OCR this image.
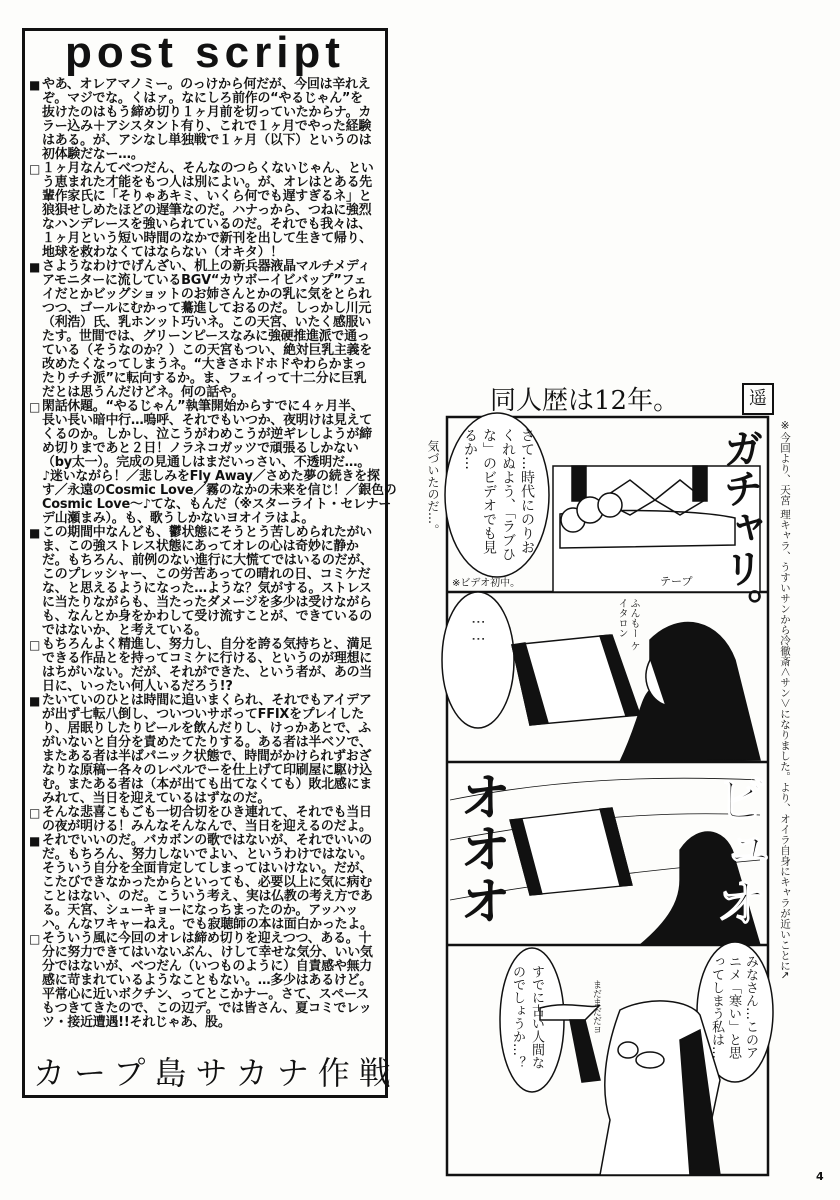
post script
■ やあ、オレアマノミー。のっけから何だが、今回は辛れえ
ぞ。マジでな。くはァ。なにしろ前作の“やるじゃん”を
抜けたのはもう締め切り１ヶ月前を切っていたからナ。カ
ラー込み＋アシスタント有り、これで１ヶ月でやった経験
はある。が、アシなし単独戦で１ヶ月（以下）というのは
初体験だなー…。
□ １ヶ月なんてべつだん、そんなのつらくないじゃん、とい
う恵まれた才能をもつ人は別によい。が、オレはとある先
輩作家氏に「そりゃあキミ、いくら何でも遅すぎるネ」と
狼狽せしめたほどの遅筆なのだ。ハナっから、つねに強烈
なハンデレースを強いられているのだ。それでも我々は、
１ヶ月という短い時間のなかで新刊を出して生きて帰り、
地球を救わなくてはならない（オキタ）！
■ さようなわけでげんざい、机上の新兵器液晶マルチメディ
アモニターに流しているBGV“カウボーイビバップ”フェ
イだとかビッグショットのお姉さんとかの乳に気をとられ
つつ、ゴールにむかって驀進しておるのだ。しっかし川元
（利浩）氏、乳ホンット巧いネ。この天宮、いたく感服い
たす。世間では、グリーンピースなみに強硬推進派で通っ
ている（そうなのか？）この天宮もつい、絶対巨乳主義を
改めたくなってしまうネ。“大きさホドホドやわらかまっ
たりチチ派”に転向するか。ま、フェイって十二分に巨乳
だとは思うんだけどネ。何の話や。
□ 閑話休題。“やるじゃん”執筆開始からすでに４ヶ月半、
長い長い暗中行…嗚呼、それでもいつか、夜明けは見えて
くるのか。しかし、泣こうがわめこうが逆ギレしようが締
め切りまであと２日！ノラネコガッツで頑張るしかない
（by太一）。完成の見通しはまだいっさい、不透明だ…。
♪迷いながら！／悲しみをFly Away／さめた夢の続きを探
す／永遠のCosmic Love／霧のなかの未来を信じ！／銀色の
Cosmic Love～♪てな、もんだ（※スターライト・セレナー
デ山瀬まみ）。も、歌うしかないヨオイラはよ。
■ この期間中なんども、鬱状態にそうとう苦しめられたがい
ま、この強ストレス状態にあってオレの心は奇妙に静か
だ。もちろん、前例のない進行に大慌てではいるのだが、
このプレッシャー、この労苦あっての晴れの日、コミケだ
な、と思えるようになった…ような？気がする。ストレス
に当たりながらも、当たったダメージを多少は受けながら
も、なんとか身をかわして受け流すことが、できているの
ではないか、と考えている。
□ もちろんよく精進し、努力し、自分を誇る気持ちと、満足
できる作品とを持ってコミケに行ける、というのが理想に
はちがいない。だが、それができた、という者が、あの当
日に、いったい何人いるだろう!?
■ たいていのひとは時間に追いまくられ、それでもアイデア
が出ず七転八倒し、ついついサボってFFⅨをプレイした
り、居眠りしたりビールを飲んだりし、けっかあとで、ふ
がいないと自分を責めたてたりする。ある者は半ベソで、
またある者は半ばパニック状態で、時間がかけられずおざ
なりな原稿ー各々のレベルでーを仕上げて印刷屋に駆け込
む。またある者は（本が出ても出てなくても）敗北感にま
みれて、当日を迎えているはずなのだ。
□ そんな悲喜こもごも一切合切をひき連れて、それでも当日
の夜が明ける！みんなそんなんで、当日を迎えるのだよ。
■ それでいいのだ。バカボンの歌ではないが、それでいいの
だ。もちろん、努力しないでよい、というわけではない。
そういう自分を全面肯定してしまってはいけない。だが、
こたびできなかったからといっても、必要以上に気に病む
ことはない、のだ。こういう考え、実は仏教の考え方であ
る。天宮、シューキョーになっちまったのか。アッハッ
ハ。んなワキャーねえ。でも寂聴師の本は面白かったよ。
□ そういう風に今回のオレは締め切りを迎えつつ、ある。十
分に努力できてはいないぶん、けして幸せな気分、いい気
分ではないが、べつだん（いつものように）自責感や無力
感に苛まれているようなこともない。…多少はあるけど。
平常心に近いボクチン、ってとこかナー。さて、スペース
もつきてきたので、この辺デ。では皆さん、夏コミでレッ
ツ・接近遭遇!!それじゃあ、股。
カープ島サカナ作戦
同人歴は12年。	遥
気づいたのだ…。	さて…時代にのりおくれぬよう、「ラブひな」のビデオでも見るか…
※ビデオ初中。	ガチャリ。
テープ
⋮⋮	ふんもー ケイタロン
オオオ	ビュオ
みなさん…このアニメ「寒い」と思ってしまう私は…
すでに古い人間なのでしょうか…？	まだまだだヨ
※今回より、天宮 理キャラ、うすいサンから冷徹斎＜サン＞になりました。より、オイラ自身にキャラが近いことに↖
4
